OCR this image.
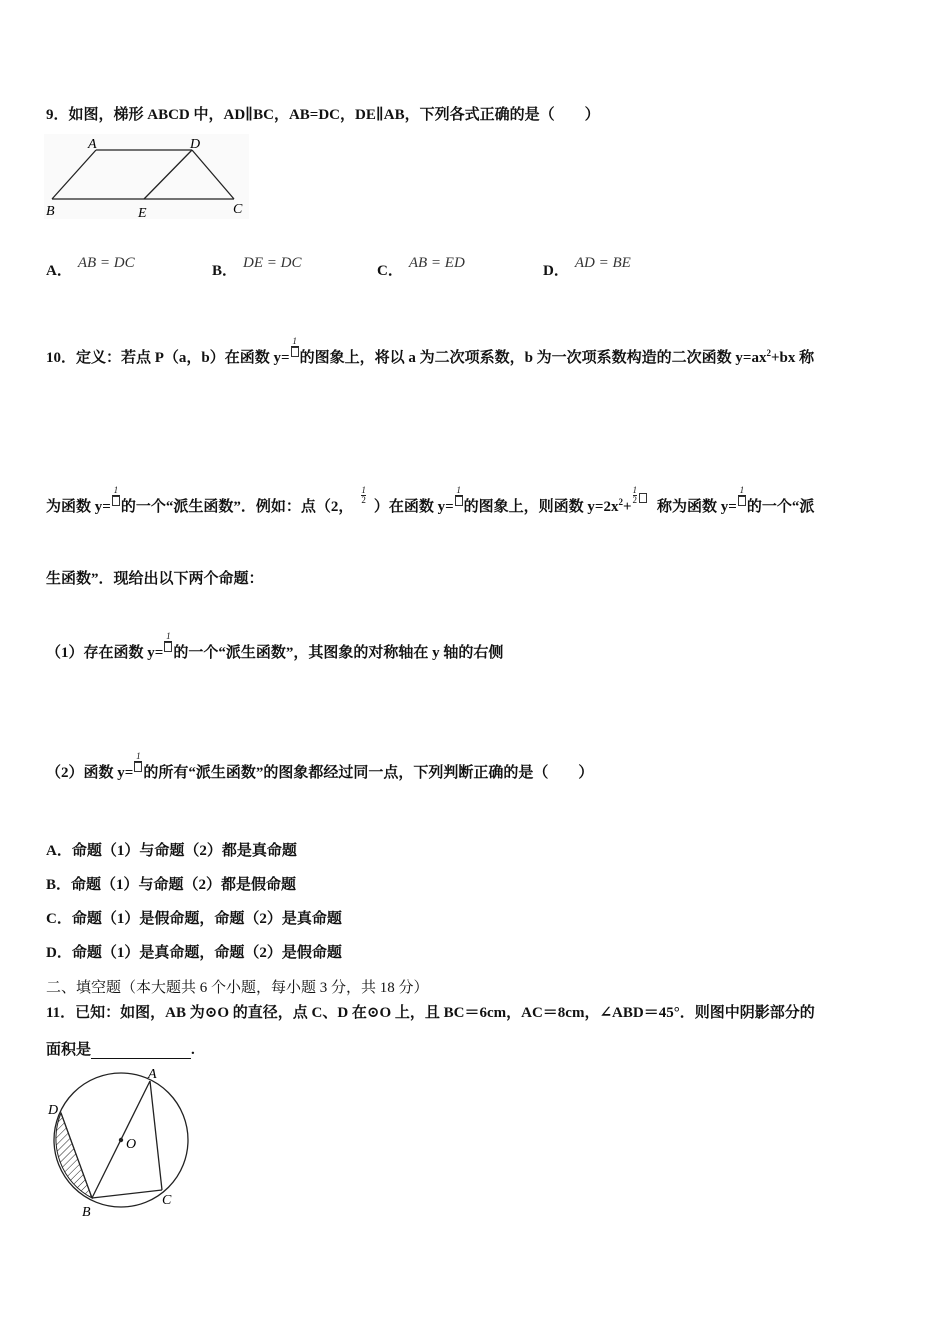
9．如图，梯形 ABCD 中，AD∥BC，AB=DC，DE∥AB，下列各式正确的是（　　）
A	D
B	E	C
A． AB = DC	B． DE = DC	C． AB = ED	D． AD = BE
10．定义：若点 P（a，b）在函数 y=1
的图象上，将以 a 为二次项系数，b 为一次项系数构造的二次函数 $y=ax^2+bx$ 称
为函数 y=1
的一个“派生函数”．例如：点（2，$\frac{1}{2}$
）在函数 y=1
的图象上，则函数 $y=2x^2+\frac{1}{2}$
称为函数 y=1
的一个“派
生函数”．现给出以下两个命题：
（1）存在函数 y=1
的一个“派生函数”，其图象的对称轴在 y 轴的右侧
（2）函数 y=1
的所有“派生函数”的图象都经过同一点，下列判断正确的是（　　）
A．命题（1）与命题（2）都是真命题
B．命题（1）与命题（2）都是假命题
C．命题（1）是假命题，命题（2）是真命题
D．命题（1）是真命题，命题（2）是假命题
二、填空题（本大题共 6 个小题，每小题 3 分，共 18 分）
11．已知：如图，AB 为⊙O 的直径，点 C、D 在⊙O 上，且 BC＝6cm，AC＝8cm，∠ABD＝45°．则图中阴影部分的
面积是	.
A
D
O
B
C
